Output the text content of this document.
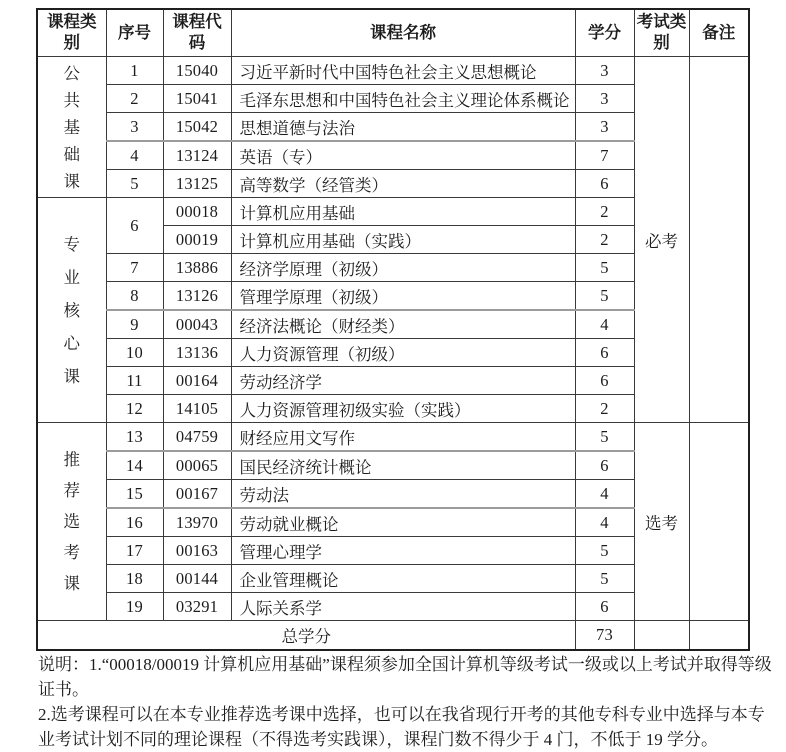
课程类别	序号	课程代码	课程名称	学分	考试类别	备注
公共基础课	1	15040	习近平新时代中国特色社会主义思想概论	3	必考	
	2	15041	毛泽东思想和中国特色社会主义理论体系概论	3		
	3	15042	思想道德与法治	3		
	4	13124	英语（专）	7		
	5	13125	高等数学（经管类）	6		
专业核心课	6	00018	计算机应用基础	2		
		00019	计算机应用基础（实践）	2		
	7	13886	经济学原理（初级）	5		
	8	13126	管理学原理（初级）	5		
	9	00043	经济法概论（财经类）	4		
	10	13136	人力资源管理（初级）	6		
	11	00164	劳动经济学	6		
	12	14105	人力资源管理初级实验（实践）	2		
推荐选考课	13	04759	财经应用文写作	5	选考	
	14	00065	国民经济统计概论	6		
	15	00167	劳动法	4		
	16	13970	劳动就业概论	4		
	17	00163	管理心理学	5		
	18	00144	企业管理概论	5		
	19	03291	人际关系学	6		
总学分				73		
说明：1.“00018/00019 计算机应用基础”课程须参加全国计算机等级考试一级或以上考试并取得等级
证书。
2.选考课程可以在本专业推荐选考课中选择，也可以在我省现行开考的其他专科专业中选择与本专
业考试计划不同的理论课程（不得选考实践课），课程门数不得少于 4 门，不低于 19 学分。
